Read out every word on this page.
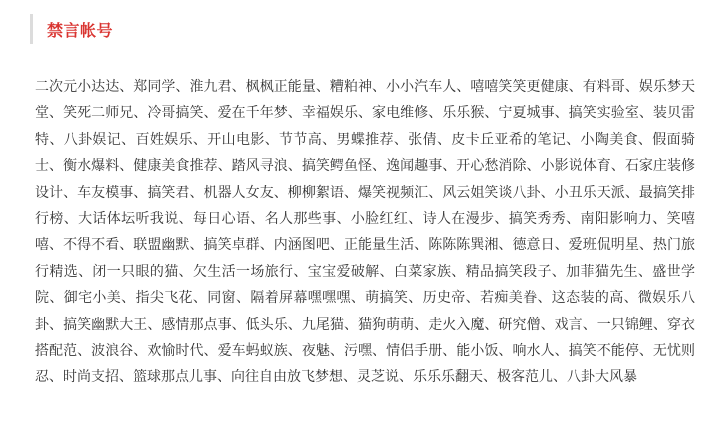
禁言帐号

二次元小达达、郑同学、淮九君、枫枫正能量、糟粕神、小小汽车人、嘻嘻笑笑更健康、有料哥、娱乐梦天堂、笑死二师兄、冷哥搞笑、爱在千年梦、幸福娱乐、家电维修、乐乐猴、宁夏城事、搞笑实验室、装贝雷特、八卦娱记、百姓娱乐、开山电影、节节高、男蝶推荐、张倩、皮卡丘亚希的笔记、小陶美食、假面骑士、衡水爆料、健康美食推荐、踏风寻浪、搞笑鳄鱼怪、逸闻趣事、开心愁消除、小影说体育、石家庄装修设计、车友模事、搞笑君、机器人女友、柳柳絮语、爆笑视频汇、风云姐笑谈八卦、小丑乐天派、最搞笑排行榜、大话体坛听我说、每日心语、名人那些事、小脸红红、诗人在漫步、搞笑秀秀、南阳影响力、笑嘻嘻、不得不看、联盟幽默、搞笑卓群、内涵图吧、正能量生活、陈陈陈巽湘、德意日、爱班侃明星、热门旅行精选、闭一只眼的猫、欠生活一场旅行、宝宝爱破解、白菜家族、精品搞笑段子、加菲猫先生、盛世学院、御宅小美、指尖飞花、同窗、隔着屏幕嘿嘿嘿、萌搞笑、历史帝、若痴美眷、这态装的高、微娱乐八卦、搞笑幽默大王、感情那点事、低头乐、九尾猫、猫狗萌萌、走火入魔、研究僧、戏言、一只锦鲤、穿衣搭配范、波浪谷、欢愉时代、爱车蚂蚁族、夜魅、污嘿、情侣手册、能小饭、响水人、搞笑不能停、无忧则忍、时尚支招、篮球那点儿事、向往自由放飞梦想、灵芝说、乐乐乐翻天、极客范儿、八卦大风暴
